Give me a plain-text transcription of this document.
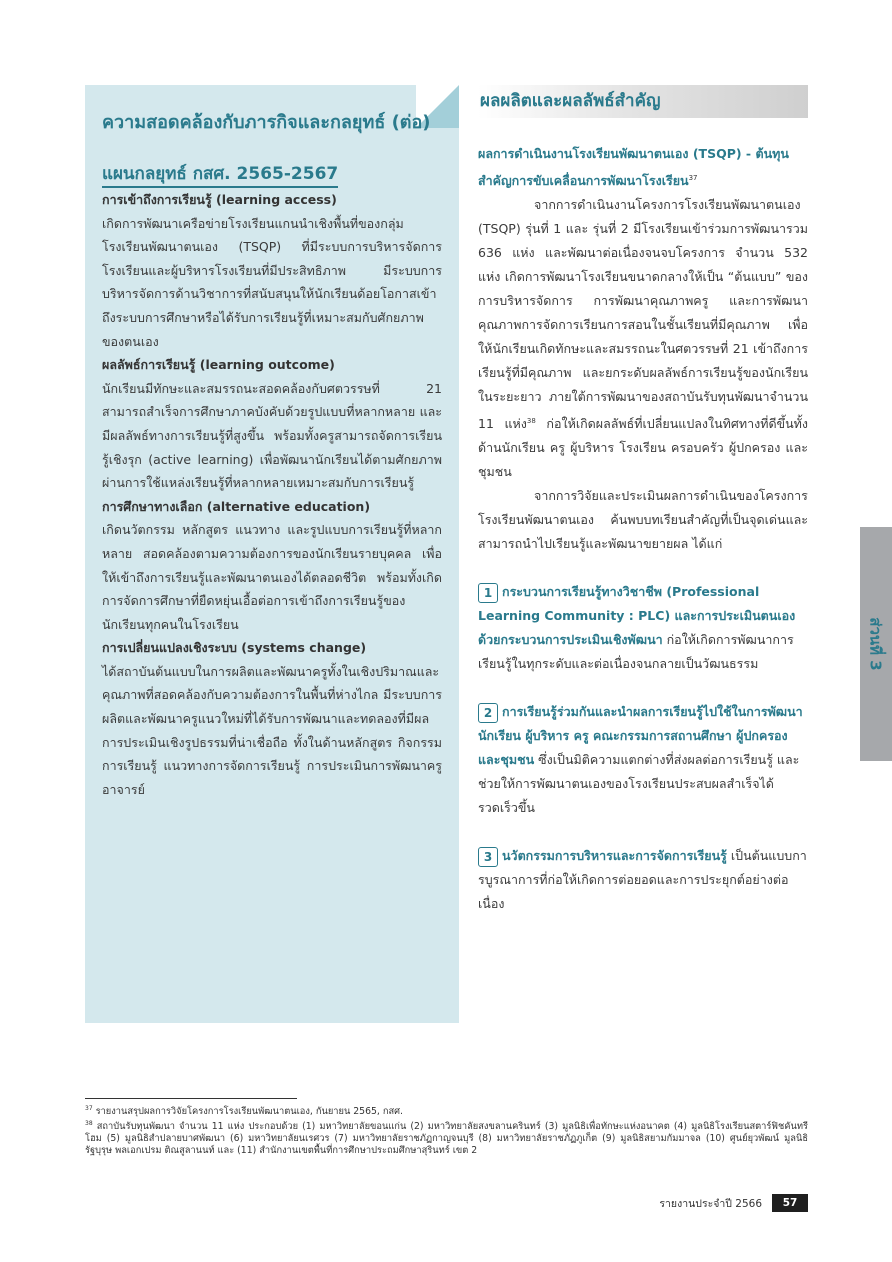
ความสอดคล้องกับภารกิจและกลยุทธ์ (ต่อ)
แผนกลยุทธ์ กสศ. 2565-2567

การเข้าถึงการเรียนรู้ (learning access)

เกิดการพัฒนาเครือข่ายโรงเรียนแกนนำเชิงพื้นที่ของกลุ่มโรงเรียนพัฒนาตนเอง (TSQP) ที่มีระบบการบริหารจัดการโรงเรียนและผู้บริหารโรงเรียนที่มีประสิทธิภาพ มีระบบการบริหารจัดการด้านวิชาการที่สนับสนุนให้นักเรียนด้อยโอกาสเข้าถึงระบบการศึกษาหรือได้รับการเรียนรู้ที่เหมาะสมกับศักยภาพของตนเอง

ผลลัพธ์การเรียนรู้ (learning outcome)

นักเรียนมีทักษะและสมรรถนะสอดคล้องกับศตวรรษที่ 21 สามารถสำเร็จการศึกษาภาคบังคับด้วยรูปแบบที่หลากหลาย และมีผลลัพธ์ทางการเรียนรู้ที่สูงขึ้น พร้อมทั้งครูสามารถจัดการเรียนรู้เชิงรุก (active learning) เพื่อพัฒนานักเรียนได้ตามศักยภาพ ผ่านการใช้แหล่งเรียนรู้ที่หลากหลายเหมาะสมกับการเรียนรู้

การศึกษาทางเลือก (alternative education)

เกิดนวัตกรรม หลักสูตร แนวทาง และรูปแบบการเรียนรู้ที่หลากหลาย สอดคล้องตามความต้องการของนักเรียนรายบุคคล เพื่อให้เข้าถึงการเรียนรู้และพัฒนาตนเองได้ตลอดชีวิต พร้อมทั้งเกิดการจัดการศึกษาที่ยืดหยุ่นเอื้อต่อการเข้าถึงการเรียนรู้ของนักเรียนทุกคนในโรงเรียน

การเปลี่ยนแปลงเชิงระบบ (systems change)

ได้สถาบันต้นแบบในการผลิตและพัฒนาครูทั้งในเชิงปริมาณและคุณภาพที่สอดคล้องกับความต้องการในพื้นที่ห่างไกล มีระบบการผลิตและพัฒนาครูแนวใหม่ที่ได้รับการพัฒนาและทดลองที่มีผลการประเมินเชิงรูปธรรมที่น่าเชื่อถือ ทั้งในด้านหลักสูตร กิจกรรมการเรียนรู้ แนวทางการจัดการเรียนรู้ การประเมินการพัฒนาครูอาจารย์

ผลผลิตและผลลัพธ์สำคัญ

ผลการดำเนินงานโรงเรียนพัฒนาตนเอง (TSQP) - ต้นทุนสำคัญการขับเคลื่อนการพัฒนาโรงเรียน$^{37}$

จากการดำเนินงานโครงการโรงเรียนพัฒนาตนเอง (TSQP) รุ่นที่ 1 และ รุ่นที่ 2 มีโรงเรียนเข้าร่วมการพัฒนารวม 636 แห่ง และพัฒนาต่อเนื่องจนจบโครงการ จำนวน 532 แห่ง เกิดการพัฒนาโรงเรียนขนาดกลางให้เป็น “ต้นแบบ” ของการบริหารจัดการ การพัฒนาคุณภาพครู และการพัฒนาคุณภาพการจัดการเรียนการสอนในชั้นเรียนที่มีคุณภาพ เพื่อให้นักเรียนเกิดทักษะและสมรรถนะในศตวรรษที่ 21 เข้าถึงการเรียนรู้ที่มีคุณภาพ และยกระดับผลลัพธ์การเรียนรู้ของนักเรียนในระยะยาว ภายใต้การพัฒนาของสถาบันรับทุนพัฒนาจำนวน 11 แห่ง$^{38}$ ก่อให้เกิดผลลัพธ์ที่เปลี่ยนแปลงในทิศทางที่ดีขึ้นทั้งด้านนักเรียน ครู ผู้บริหาร โรงเรียน ครอบครัว ผู้ปกครอง และชุมชน

จากการวิจัยและประเมินผลการดำเนินของโครงการโรงเรียนพัฒนาตนเอง ค้นพบบทเรียนสำคัญที่เป็นจุดเด่นและสามารถนำไปเรียนรู้และพัฒนาขยายผล ได้แก่

1 กระบวนการเรียนรู้ทางวิชาชีพ (Professional Learning Community : PLC) และการประเมินตนเองด้วยกระบวนการประเมินเชิงพัฒนา ก่อให้เกิดการพัฒนาการเรียนรู้ในทุกระดับและต่อเนื่องจนกลายเป็นวัฒนธรรม
2 การเรียนรู้ร่วมกันและนำผลการเรียนรู้ไปใช้ในการพัฒนานักเรียน ผู้บริหาร ครู คณะกรรมการสถานศึกษา ผู้ปกครอง และชุมชน ซึ่งเป็นมิติความแตกต่างที่ส่งผลต่อการเรียนรู้ และช่วยให้การพัฒนาตนเองของโรงเรียนประสบผลสำเร็จได้รวดเร็วขึ้น
3 นวัตกรรมการบริหารและการจัดการเรียนรู้ เป็นต้นแบบการบูรณาการที่ก่อให้เกิดการต่อยอดและการประยุกต์อย่างต่อเนื่อง
ส่วนที่ 3

$^{37}$ รายงานสรุปผลการวิจัยโครงการโรงเรียนพัฒนาตนเอง, กันยายน 2565, กสศ.

$^{38}$ สถาบันรับทุนพัฒนา จำนวน 11 แห่ง ประกอบด้วย (1) มหาวิทยาลัยขอนแก่น (2) มหาวิทยาลัยสงขลานครินทร์ (3) มูลนิธิเพื่อทักษะแห่งอนาคต (4) มูลนิธิโรงเรียนสตาร์ฟิชคันทรีโฮม (5) มูลนิธิสำปลายบาศพัฒนา (6) มหาวิทยาลัยนเรศวร (7) มหาวิทยาลัยราชภัฏกาญจนบุรี (8) มหาวิทยาลัยราชภัฏภูเก็ต (9) มูลนิธิสยามกัมมาจล (10) ศูนย์ยุวพัฒน์ มูลนิธิรัฐบุรุษ พลเอกเปรม ติณสูลานนท์ และ (11) สำนักงานเขตพื้นที่การศึกษาประถมศึกษาสุรินทร์ เขต 2

รายงานประจำปี 2566	57
